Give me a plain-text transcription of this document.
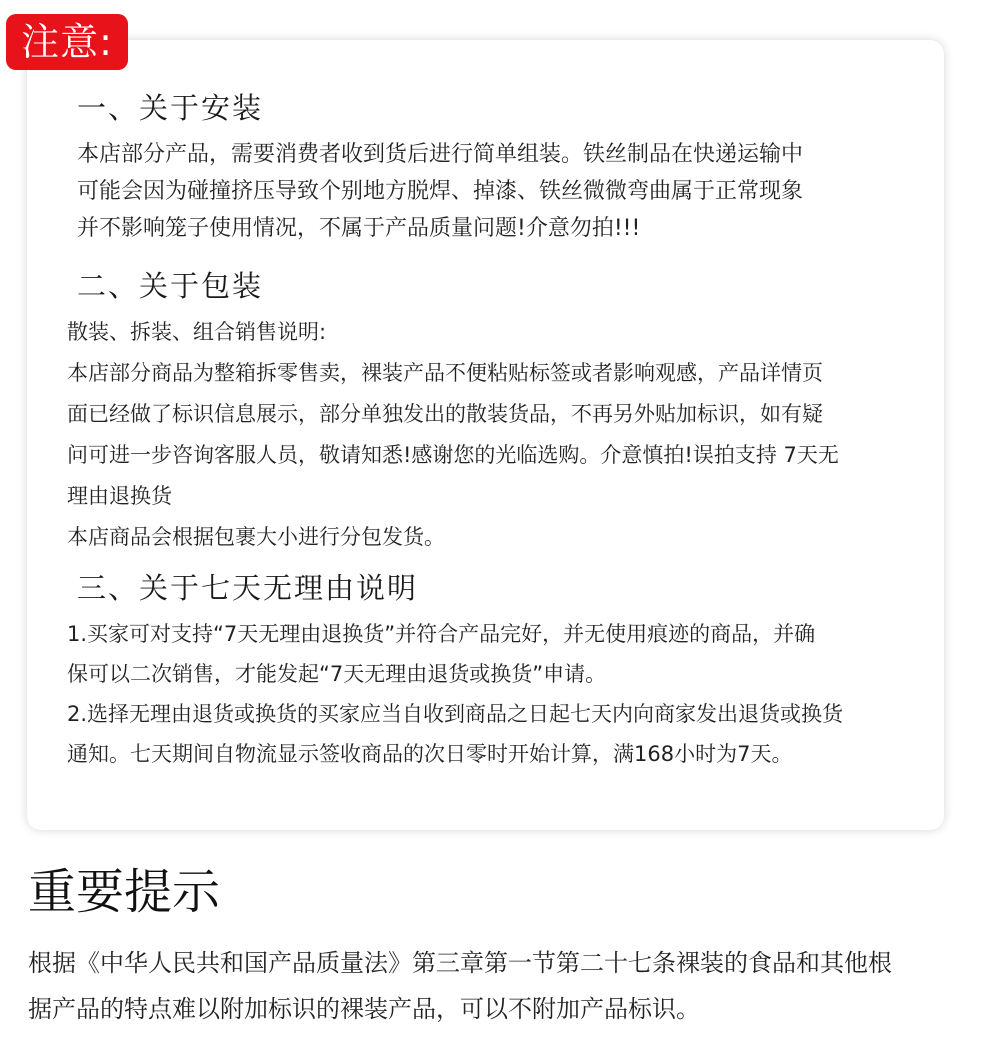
注意:
一、关于安装
本店部分产品，需要消费者收到货后进行简单组装。铁丝制品在快递运输中
可能会因为碰撞挤压导致个别地方脱焊、掉漆、铁丝微微弯曲属于正常现象
并不影响笼子使用情况，不属于产品质量问题!介意勿拍!!!
二、关于包装
散装、拆装、组合销售说明:
本店部分商品为整箱拆零售卖，裸装产品不便粘贴标签或者影响观感，产品详情页
面已经做了标识信息展示，部分单独发出的散装货品，不再另外贴加标识，如有疑
问可进一步咨询客服人员，敬请知悉!感谢您的光临选购。介意慎拍!误拍支持 7天无
理由退换货
本店商品会根据包裹大小进行分包发货。
三、关于七天无理由说明
1.买家可对支持“7天无理由退换货”并符合产品完好，并无使用痕迹的商品，并确
保可以二次销售，才能发起“7天无理由退货或换货”申请。
2.选择无理由退货或换货的买家应当自收到商品之日起七天内向商家发出退货或换货
通知。七天期间自物流显示签收商品的次日零时开始计算，满168小时为7天。
重要提示
根据《中华人民共和国产品质量法》第三章第一节第二十七条裸装的食品和其他根
据产品的特点难以附加标识的裸装产品，可以不附加产品标识。
